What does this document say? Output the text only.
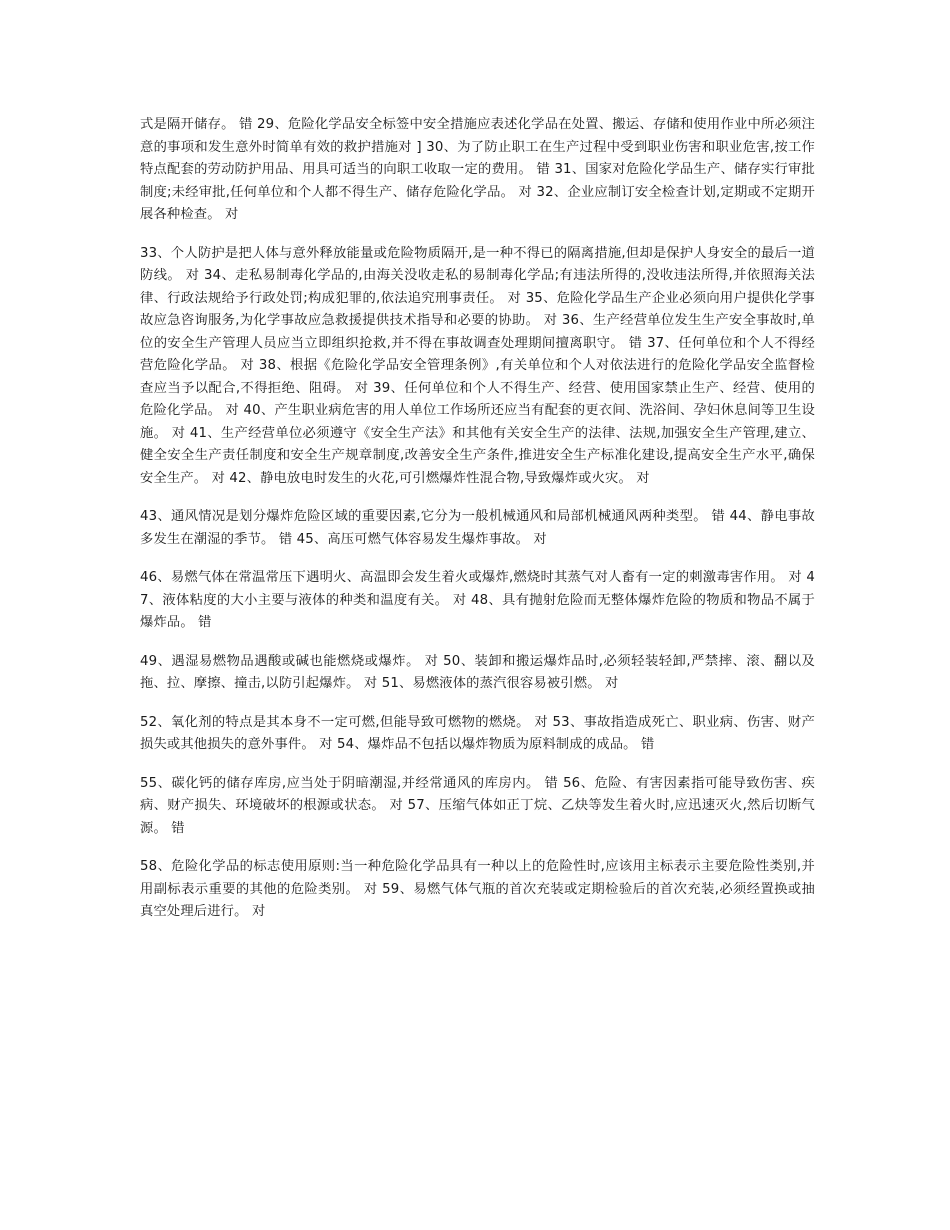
式是隔开储存。 错 29、危险化学品安全标签中安全措施应表述化学品在处置、搬运、存储和使用作业中所必须注意的事项和发生意外时简单有效的救护措施对 ] 30、为了防止职工在生产过程中受到职业伤害和职业危害,按工作特点配套的劳动防护用品、用具可适当的向职工收取一定的费用。 错 31、国家对危险化学品生产、储存实行审批制度;未经审批,任何单位和个人都不得生产、储存危险化学品。 对 32、企业应制订安全检查计划,定期或不定期开展各种检查。 对

33、个人防护是把人体与意外释放能量或危险物质隔开,是一种不得已的隔离措施,但却是保护人身安全的最后一道防线。 对 34、走私易制毒化学品的,由海关没收走私的易制毒化学品;有违法所得的,没收违法所得,并依照海关法律、行政法规给予行政处罚;构成犯罪的,依法追究刑事责任。 对 35、危险化学品生产企业必须向用户提供化学事故应急咨询服务,为化学事故应急救援提供技术指导和必要的协助。 对 36、生产经营单位发生生产安全事故时,单位的安全生产管理人员应当立即组织抢救,并不得在事故调查处理期间擅离职守。 错 37、任何单位和个人不得经营危险化学品。 对 38、根据《危险化学品安全管理条例》,有关单位和个人对依法进行的危险化学品安全监督检查应当予以配合,不得拒绝、阻碍。 对 39、任何单位和个人不得生产、经营、使用国家禁止生产、经营、使用的危险化学品。 对 40、产生职业病危害的用人单位工作场所还应当有配套的更衣间、洗浴间、孕妇休息间等卫生设施。 对 41、生产经营单位必须遵守《安全生产法》和其他有关安全生产的法律、法规,加强安全生产管理,建立、健全安全生产责任制度和安全生产规章制度,改善安全生产条件,推进安全生产标准化建设,提高安全生产水平,确保安全生产。 对 42、静电放电时发生的火花,可引燃爆炸性混合物,导致爆炸或火灾。 对

43、通风情况是划分爆炸危险区域的重要因素,它分为一般机械通风和局部机械通风两种类型。 错 44、静电事故多发生在潮湿的季节。 错 45、高压可燃气体容易发生爆炸事故。 对

46、易燃气体在常温常压下遇明火、高温即会发生着火或爆炸,燃烧时其蒸气对人畜有一定的刺激毒害作用。 对 47、液体粘度的大小主要与液体的种类和温度有关。 对 48、具有抛射危险而无整体爆炸危险的物质和物品不属于爆炸品。 错

49、遇湿易燃物品遇酸或碱也能燃烧或爆炸。 对 50、装卸和搬运爆炸品时,必须轻装轻卸,严禁摔、滚、翻以及拖、拉、摩擦、撞击,以防引起爆炸。 对 51、易燃液体的蒸汽很容易被引燃。 对

52、氧化剂的特点是其本身不一定可燃,但能导致可燃物的燃烧。 对 53、事故指造成死亡、职业病、伤害、财产损失或其他损失的意外事件。 对 54、爆炸品不包括以爆炸物质为原料制成的成品。 错

55、碳化钙的储存库房,应当处于阴暗潮湿,并经常通风的库房内。 错 56、危险、有害因素指可能导致伤害、疾病、财产损失、环境破坏的根源或状态。 对 57、压缩气体如正丁烷、乙炔等发生着火时,应迅速灭火,然后切断气源。 错

58、危险化学品的标志使用原则:当一种危险化学品具有一种以上的危险性时,应该用主标表示主要危险性类别,并用副标表示重要的其他的危险类别。 对 59、易燃气体气瓶的首次充装或定期检验后的首次充装,必须经置换或抽真空处理后进行。 对
